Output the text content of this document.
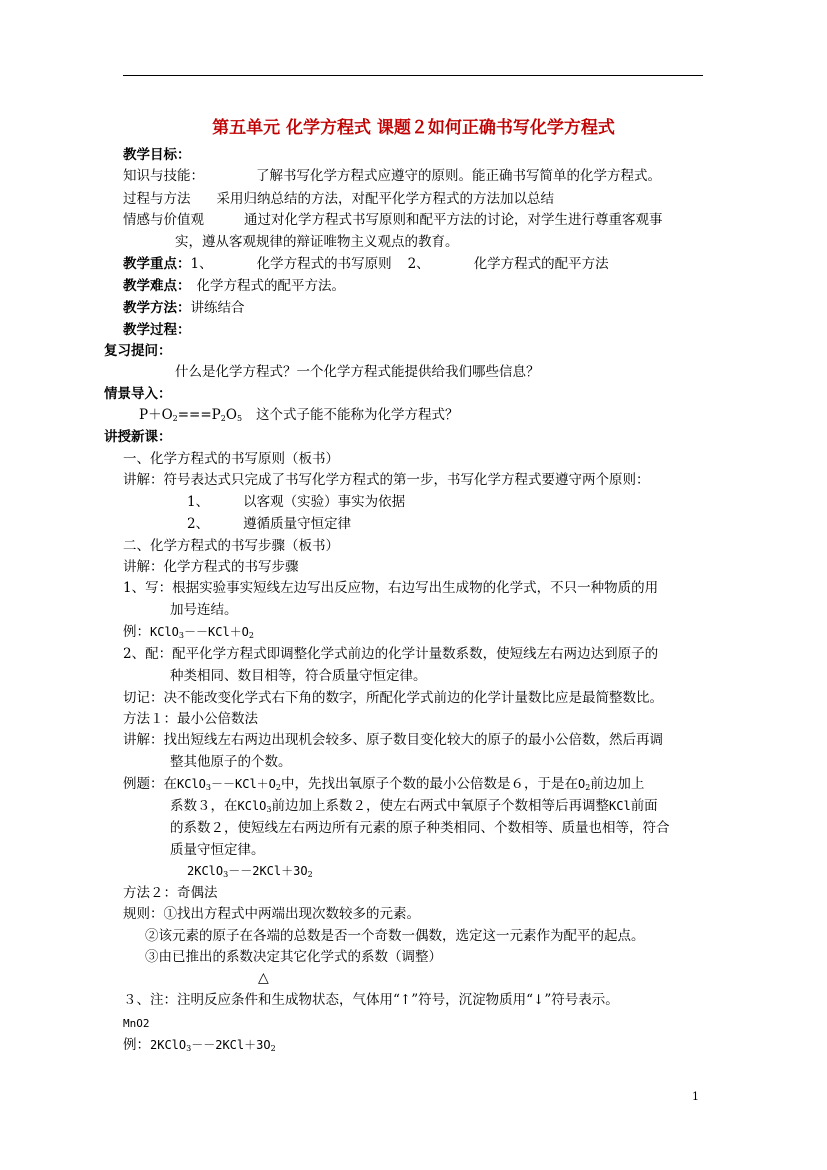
第五单元 化学方程式 课题２如何正确书写化学方程式
教学目标：
知识与技能：	了解书写化学方程式应遵守的原则。能正确书写简单的化学方程式。
过程与方法 采用归纳总结的方法，对配平化学方程式的方法加以总结
情感与价值观	通过对化学方程式书写原则和配平方法的讨论，对学生进行尊重客观事
实，遵从客观规律的辩证唯物主义观点的教育。
教学重点：1、	化学方程式的书写原则 2、	化学方程式的配平方法
教学难点： 化学方程式的配平方法。
教学方法：讲练结合
教学过程：
复习提问：
什么是化学方程式？一个化学方程式能提供给我们哪些信息？
情景导入：
$P+O_2===P_2O_5$ 这个式子能不能称为化学方程式？
讲授新课：
一、化学方程式的书写原则（板书）
讲解：符号表达式只完成了书写化学方程式的第一步，书写化学方程式要遵守两个原则：
1、	以客观（实验）事实为依据
2、	遵循质量守恒定律
二、化学方程式的书写步骤（板书）
讲解：化学方程式的书写步骤
1、写：根据实验事实短线左边写出反应物，右边写出生成物的化学式，不只一种物质的用
加号连结。
例：$KClO_3--KCl+O_2$
2、配：配平化学方程式即调整化学式前边的化学计量数系数，使短线左右两边达到原子的
种类相同、数目相等，符合质量守恒定律。
切记：决不能改变化学式右下角的数字，所配化学式前边的化学计量数比应是最简整数比。
方法１：最小公倍数法
讲解：找出短线左右两边出现机会较多、原子数目变化较大的原子的最小公倍数，然后再调
整其他原子的个数。
例题：在$KClO_3--KCl+O_2$中，先找出氧原子个数的最小公倍数是６，于是在$O_2$前边加上
系数３，在KClO$_3$前边加上系数２，使左右两式中氧原子个数相等后再调整KCl前面
的系数２，使短线左右两边所有元素的原子种类相同、个数相等、质量也相等，符合
质量守恒定律。
$2KClO_3--2KCl+3O_2$
方法２：奇偶法
规则：①找出方程式中两端出现次数较多的元素。
②该元素的原子在各端的总数是否一个奇数一偶数，选定这一元素作为配平的起点。
③由已推出的系数决定其它化学式的系数（调整）
△
３、注：注明反应条件和生成物状态，气体用“↑”符号，沉淀物质用“↓”符号表示。
MnO2
例：$2KClO_3--2KCl+3O_2$
1
